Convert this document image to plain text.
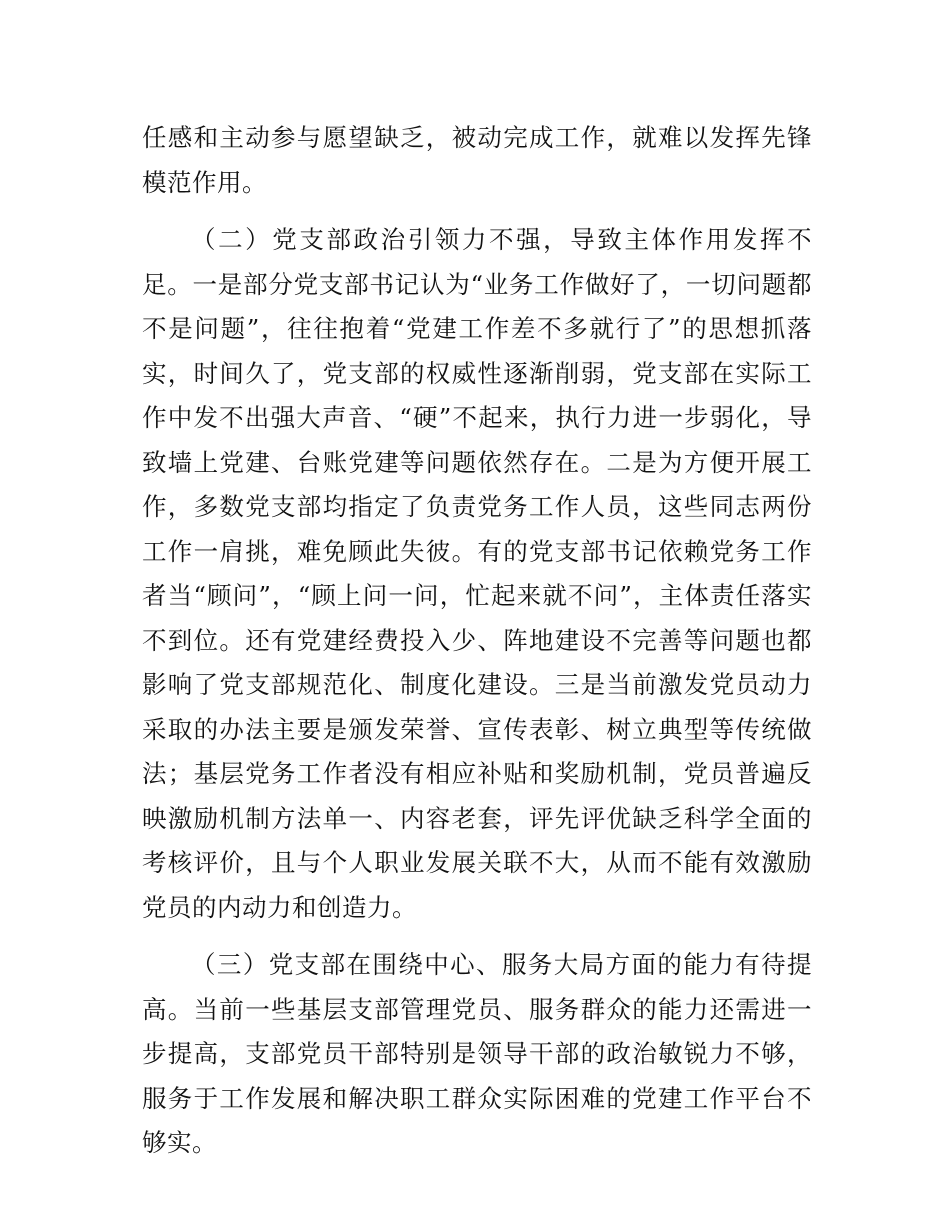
任感和主动参与愿望缺乏，被动完成工作，就难以发挥先锋模范作用。

（二）党支部政治引领力不强，导致主体作用发挥不足。一是部分党支部书记认为“业务工作做好了，一切问题都不是问题”，往往抱着“党建工作差不多就行了”的思想抓落实，时间久了，党支部的权威性逐渐削弱，党支部在实际工作中发不出强大声音、“硬”不起来，执行力进一步弱化，导致墙上党建、台账党建等问题依然存在。二是为方便开展工作，多数党支部均指定了负责党务工作人员，这些同志两份工作一肩挑，难免顾此失彼。有的党支部书记依赖党务工作者当“顾问”，“顾上问一问，忙起来就不问”，主体责任落实不到位。还有党建经费投入少、阵地建设不完善等问题也都影响了党支部规范化、制度化建设。三是当前激发党员动力采取的办法主要是颁发荣誉、宣传表彰、树立典型等传统做法；基层党务工作者没有相应补贴和奖励机制，党员普遍反映激励机制方法单一、内容老套，评先评优缺乏科学全面的考核评价，且与个人职业发展关联不大，从而不能有效激励党员的内动力和创造力。

（三）党支部在围绕中心、服务大局方面的能力有待提高。当前一些基层支部管理党员、服务群众的能力还需进一步提高，支部党员干部特别是领导干部的政治敏锐力不够，服务于工作发展和解决职工群众实际困难的党建工作平台不够实。
